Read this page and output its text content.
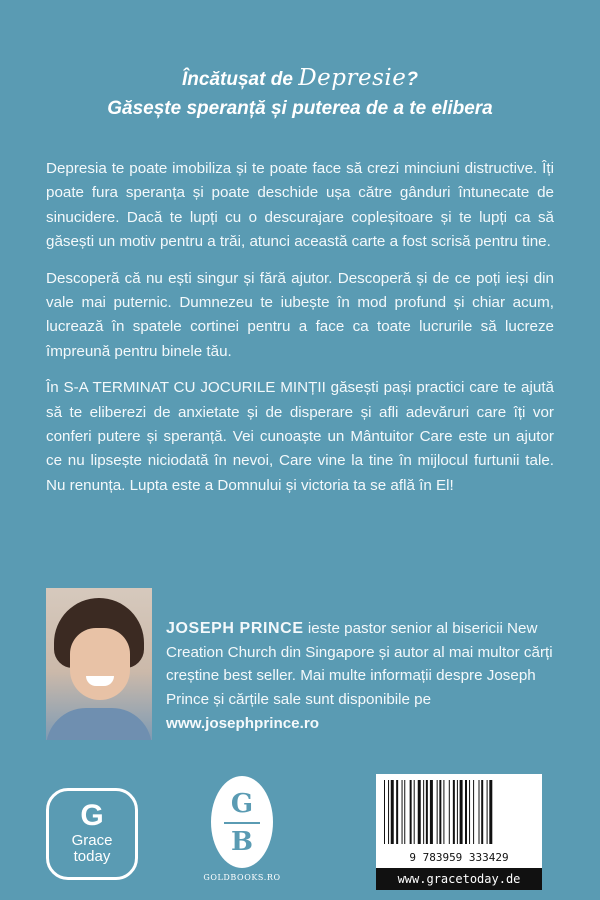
Încătușat de Depresie?
Găsește speranță și puterea de a te elibera

Depresia te poate imobiliza și te poate face să crezi minciuni distructive. Îți poate fura speranța și poate deschide ușa către gânduri întunecate de sinucidere. Dacă te lupți cu o descurajare copleșitoare și te lupți ca să găsești un motiv pentru a trăi, atunci această carte a fost scrisă pentru tine.

Descoperă că nu ești singur și fără ajutor. Descoperă și de ce poți ieși din vale mai puternic. Dumnezeu te iubește în mod profund și chiar acum, lucrează în spatele cortinei pentru a face ca toate lucrurile să lucreze împreună pentru binele tău.

În S-A TERMINAT CU JOCURILE MINȚII găsești pași practici care te ajută să te eliberezi de anxietate și de disperare și afli adevăruri care îți vor conferi putere și speranță. Vei cunoaște un Mântuitor Care este un ajutor ce nu lipsește niciodată în nevoi, Care vine la tine în mijlocul furtunii tale. Nu renunța. Lupta este a Domnului și victoria ta se află în El!

JOSEPH PRINCE ieste pastor senior al bisericii New Creation Church din Singapore și autor al mai multor cărți creștine best seller. Mai multe informații despre Joseph Prince și cărțile sale sunt disponibile pe www.josephprince.ro
G
Grace
today
G
B
GOLDBOOKS.RO
9 783959 333429
www.gracetoday.de
